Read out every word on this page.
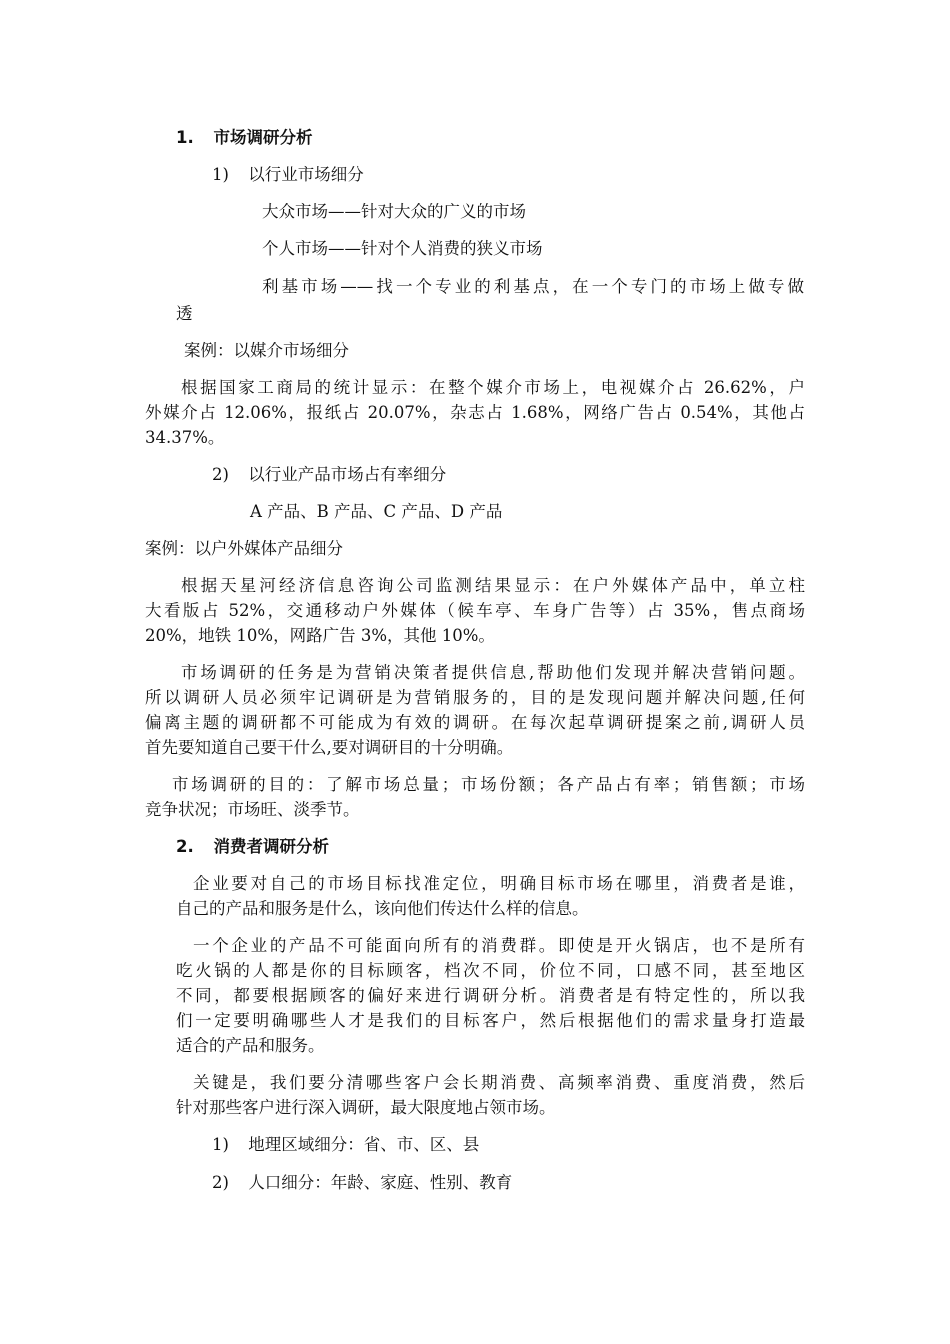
1. 市场调研分析
1) 以行业市场细分
大众市场——针对大众的广义的市场
个人市场——针对个人消费的狭义市场
利基市场——找一个专业的利基点，在一个专门的市场上做专做
透
案例：以媒介市场细分
根据国家工商局的统计显示：在整个媒介市场上，电视媒介占 26.62%，户
外媒介占 12.06%，报纸占 20.07%，杂志占 1.68%，网络广告占 0.54%，其他占
34.37%。
2) 以行业产品市场占有率细分
A 产品、B 产品、C 产品、D 产品
案例：以户外媒体产品细分
根据天星河经济信息咨询公司监测结果显示：在户外媒体产品中，单立柱
大看版占 52%，交通移动户外媒体（候车亭、车身广告等）占 35%，售点商场
20%，地铁 10%，网路广告 3%，其他 10%。
市场调研的任务是为营销决策者提供信息,帮助他们发现并解决营销问题。
所以调研人员必须牢记调研是为营销服务的，目的是发现问题并解决问题,任何
偏离主题的调研都不可能成为有效的调研。在每次起草调研提案之前,调研人员
首先要知道自己要干什么,要对调研目的十分明确。
市场调研的目的：了解市场总量；市场份额；各产品占有率；销售额；市场
竞争状况；市场旺、淡季节。
2. 消费者调研分析
企业要对自己的市场目标找准定位，明确目标市场在哪里，消费者是谁，
自己的产品和服务是什么，该向他们传达什么样的信息。
一个企业的产品不可能面向所有的消费群。即使是开火锅店，也不是所有
吃火锅的人都是你的目标顾客，档次不同，价位不同，口感不同，甚至地区
不同，都要根据顾客的偏好来进行调研分析。消费者是有特定性的，所以我
们一定要明确哪些人才是我们的目标客户，然后根据他们的需求量身打造最
适合的产品和服务。
关键是，我们要分清哪些客户会长期消费、高频率消费、重度消费，然后
针对那些客户进行深入调研，最大限度地占领市场。
1) 地理区域细分：省、市、区、县
2) 人口细分：年龄、家庭、性别、教育
